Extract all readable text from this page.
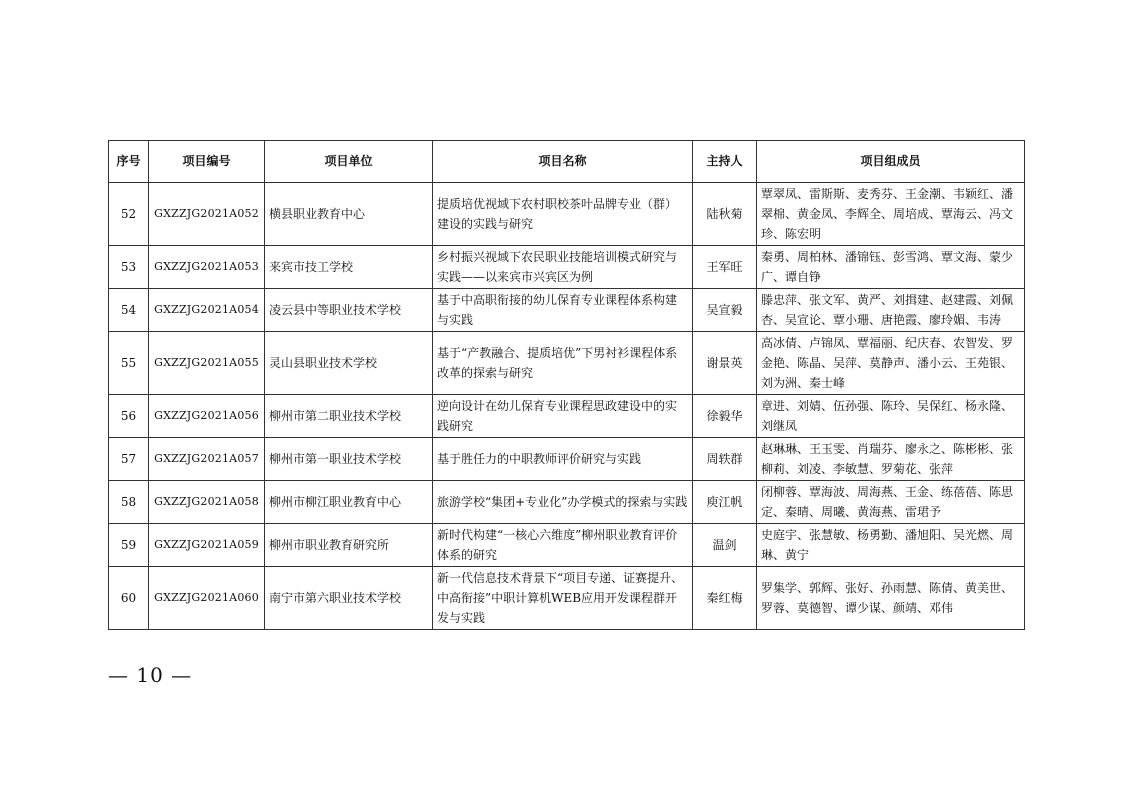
序号	项目编号	项目单位	项目名称	主持人	项目组成员
52	GXZZJG2021A052	横县职业教育中心	提质培优视域下农村职校茶叶品牌专业（群）建设的实践与研究	陆秋菊	覃翠凤、雷斯斯、麦秀芬、王金潮、韦颖红、潘翠棉、黄金凤、李辉全、周培成、覃海云、冯文珍、陈宏明
53	GXZZJG2021A053	来宾市技工学校	乡村振兴视域下农民职业技能培训模式研究与实践——以来宾市兴宾区为例	王军旺	秦勇、周柏林、潘锦钰、彭雪鸿、覃文海、蒙少广、谭自铮
54	GXZZJG2021A054	凌云县中等职业技术学校	基于中高职衔接的幼儿保育专业课程体系构建与实践	吴宣毅	滕忠萍、张文军、黄严、刘揖建、赵建霞、刘佩杏、吴宣论、覃小珊、唐艳霞、廖玲媚、韦涛
55	GXZZJG2021A055	灵山县职业技术学校	基于“产教融合、提质培优”下男衬衫课程体系改革的探索与研究	谢景英	高冰倩、卢锦凤、覃福丽、纪庆春、农智发、罗金艳、陈晶、吴萍、莫静声、潘小云、王苑银、刘为洲、秦士峰
56	GXZZJG2021A056	柳州市第二职业技术学校	逆向设计在幼儿保育专业课程思政建设中的实践研究	徐毅华	章进、刘婧、伍孙强、陈玲、吴保红、杨永隆、刘继凤
57	GXZZJG2021A057	柳州市第一职业技术学校	基于胜任力的中职教师评价研究与实践	周轶群	赵琳琳、王玉雯、肖瑞芬、廖永之、陈彬彬、张柳莉、刘凌、李敏慧、罗菊花、张萍
58	GXZZJG2021A058	柳州市柳江职业教育中心	旅游学校“集团+专业化”办学模式的探索与实践	庾江帆	闭柳蓉、覃海波、周海燕、王金、练蓓蓓、陈思定、秦晴、周曦、黄海燕、雷珺予
59	GXZZJG2021A059	柳州市职业教育研究所	新时代构建“一核心六维度”柳州职业教育评价体系的研究	温剑	史庭宇、张慧敏、杨勇勤、潘旭阳、吴光燃、周琳、黄宁
60	GXZZJG2021A060	南宁市第六职业技术学校	新一代信息技术背景下“项目专递、证赛提升、中高衔接”中职计算机WEB应用开发课程群开发与实践	秦红梅	罗集学、郭辉、张好、孙雨慧、陈倩、黄美世、罗蓉、莫德智、谭少谋、颜靖、邓伟
— 10 —
